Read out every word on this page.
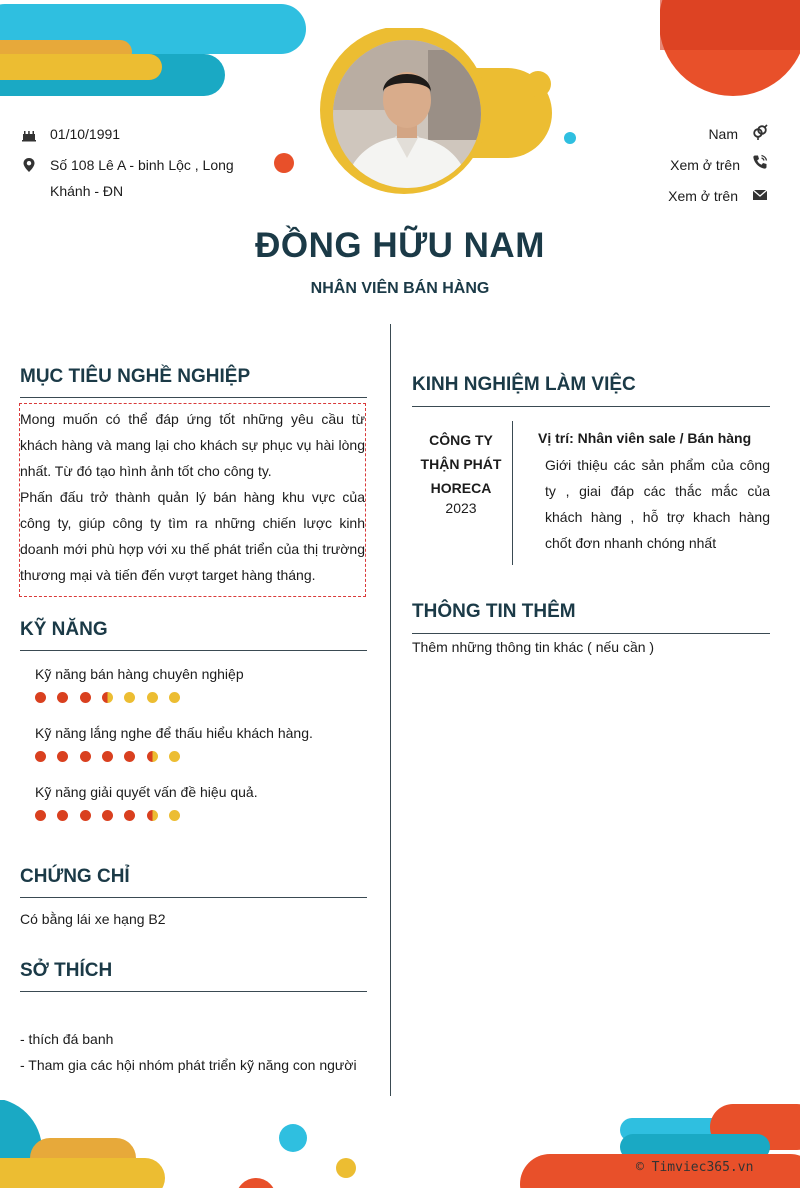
01/10/1991
Số 108 Lê A - binh Lộc , Long
Khánh - ĐN
Nam
Xem ở trên
Xem ở trên
ĐỒNG HỮU NAM
NHÂN VIÊN BÁN HÀNG
MỤC TIÊU NGHỀ NGHIỆP

Mong muốn có thể đáp ứng tốt những yêu cầu từ khách hàng và mang lại cho khách sự phục vụ hài lòng nhất. Từ đó tạo hình ảnh tốt cho công ty.

Phấn đấu trở thành quản lý bán hàng khu vực của công ty, giúp công ty tìm ra những chiến lược kinh doanh mới phù hợp với xu thế phát triển của thị trường thương mại và tiến đến vượt target hàng tháng.

KỸ NĂNG
Kỹ năng bán hàng chuyên nghiệp
Kỹ năng lắng nghe để thấu hiểu khách hàng.
Kỹ năng giải quyết vấn đề hiệu quả.
CHỨNG CHỈ
Có bằng lái xe hạng B2
SỞ THÍCH
- thích đá banh
- Tham gia các hội nhóm phát triển kỹ năng con người
KINH NGHIỆM LÀM VIỆC
CÔNG TY
THẬN PHÁT
HORECA
2023
Vị trí: Nhân viên sale / Bán hàng
Giới thiệu các sản phẩm của công ty , giai đáp các thắc mắc của khách hàng , hỗ trợ khach hàng chốt đơn nhanh chóng nhất
THÔNG TIN THÊM
Thêm những thông tin khác ( nếu cần )
© Timviec365.vn
